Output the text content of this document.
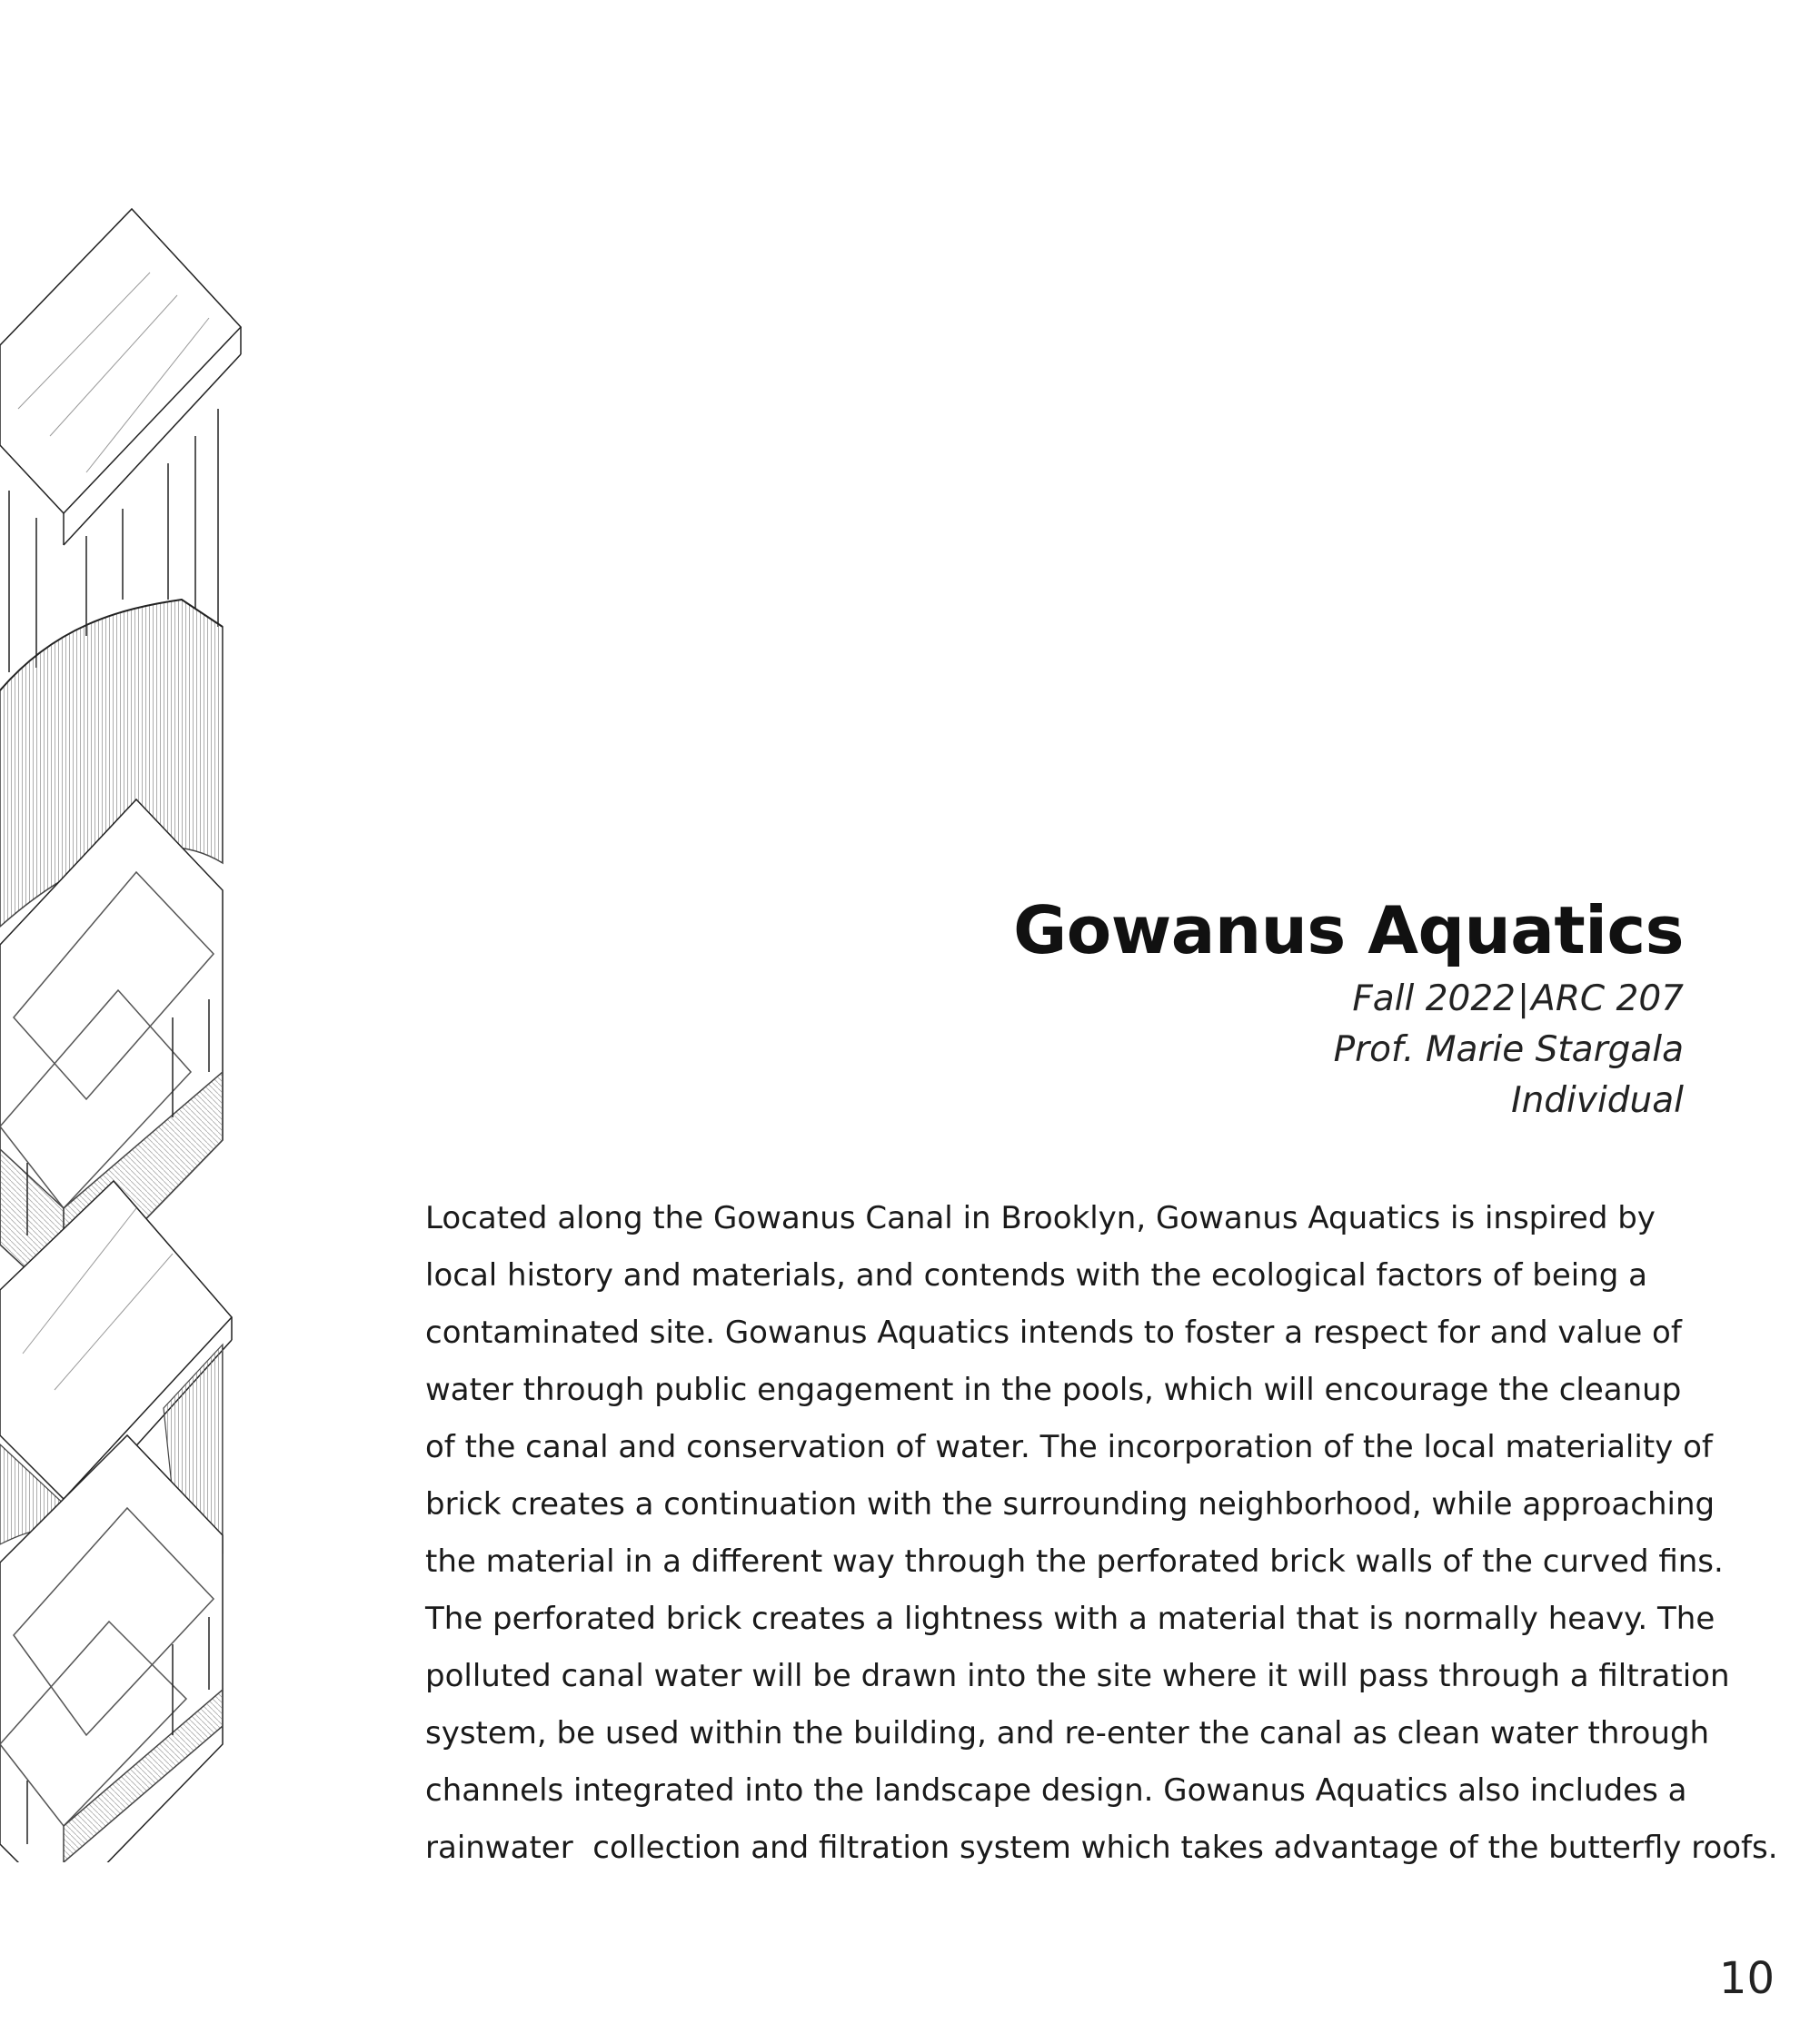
Gowanus Aquatics
Fall 2022|ARC 207
Prof. Marie Stargala
Individual
Located along the Gowanus Canal in Brooklyn, Gowanus Aquatics is inspired by
local history and materials, and contends with the ecological factors of being a
contaminated site. Gowanus Aquatics intends to foster a respect for and value of
water through public engagement in the pools, which will encourage the cleanup
of the canal and conservation of water. The incorporation of the local materiality of
brick creates a continuation with the surrounding neighborhood, while approaching
the material in a different way through the perforated brick walls of the curved fins.
The perforated brick creates a lightness with a material that is normally heavy. The
polluted canal water will be drawn into the site where it will pass through a filtration
system, be used within the building, and re-enter the canal as clean water through
channels integrated into the landscape design. Gowanus Aquatics also includes a
rainwater  collection and filtration system which takes advantage of the butterfly roofs.
10
